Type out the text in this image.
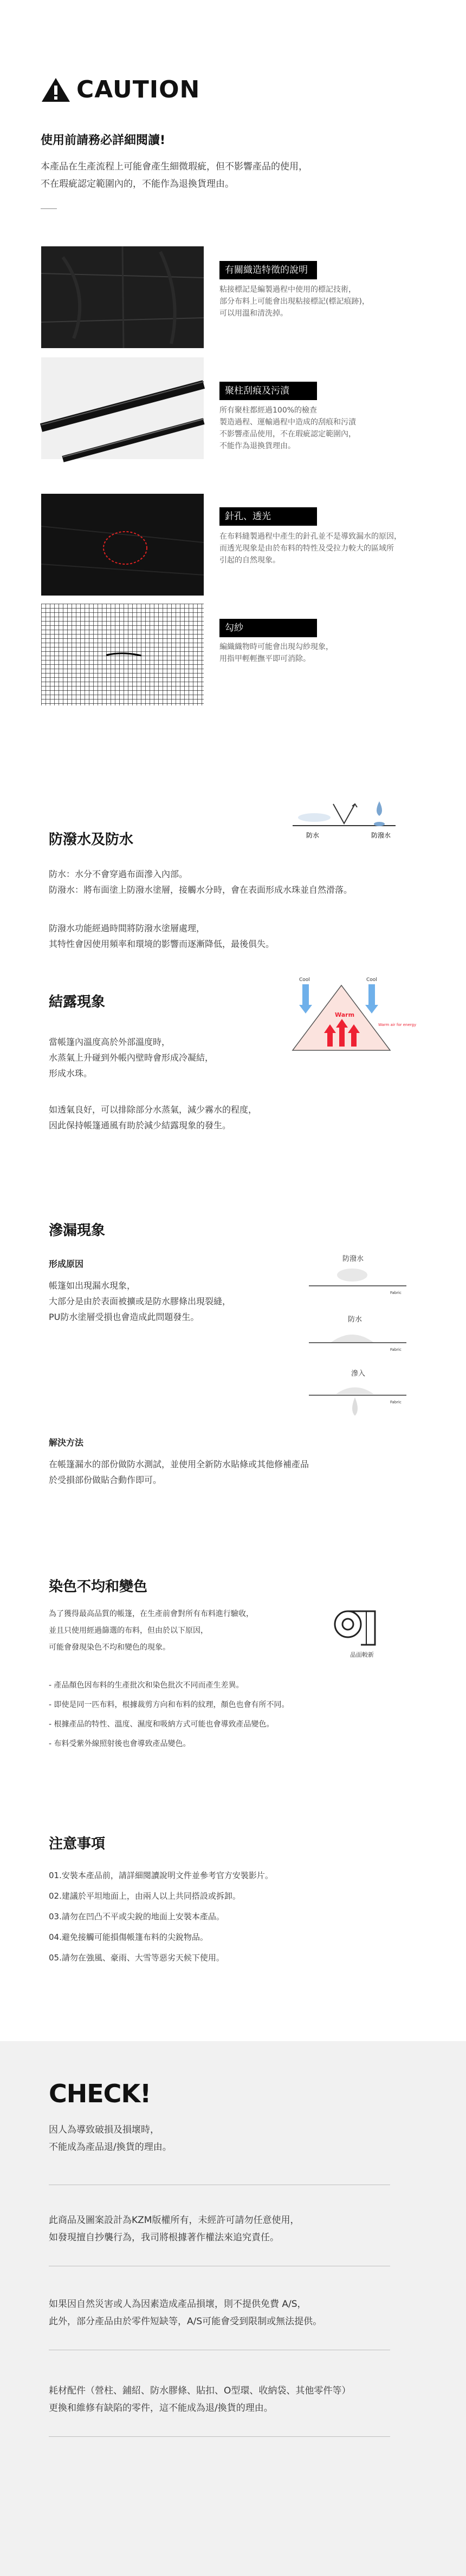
CAUTION
使用前請務必詳細閱讀!
本產品在生產流程上可能會產生細微瑕疵，但不影響產品的使用，
不在瑕疵認定範圍內的，不能作為退換貨理由。
有關織造特徵的說明
粘接標記是編製過程中使用的標記技術，
部分布料上可能會出現粘接標記(標記痕跡)，
可以用溫和清洗掉。
聚柱刮痕及污漬
所有聚柱都經過100%的檢查
製造過程、運輸過程中造成的刮痕和污漬
不影響產品使用，不在瑕疵認定範圍內，
不能作為退換貨理由。
針孔、透光
在布料縫製過程中產生的針孔並不是導致漏水的原因，
而透光現象是由於布料的特性及受拉力較大的區域所
引起的自然現象。
勾紗
編織織物時可能會出現勾紗現象，
用指甲輕輕撫平即可消除。
防潑水及防水	防水	防潑水
防水：水分不會穿過布面滲入內部。
防潑水：將布面塗上防潑水塗層，接觸水分時，會在表面形成水珠並自然滑落。
防潑水功能經過時間將防潑水塗層處理，
其特性會因使用頻率和環境的影響而逐漸降低，最後俱失。
結露現象
Cool	Cool
Warm
Warm air for energy
當帳篷內溫度高於外部溫度時，
水蒸氣上升碰到外帳內壁時會形成冷凝結，
形成水珠。
如透氣良好，可以排除部分水蒸氣，減少霧水的程度，
因此保持帳篷通風有助於減少結露現象的發生。
滲漏現象
形成原因
帳篷如出現漏水現象，
大部分是由於表面被擴或是防水膠條出現裂縫，
PU防水塗層受損也會造成此問題發生。
防潑水
Fabric
防水
Fabric
滲入
Fabric
解決方法
在帳篷漏水的部份做防水測試，並使用全新防水貼條或其他修補產品
於受損部份做貼合動作即可。
染色不均和變色
品面較新
為了獲得最高品質的帳篷，在生產前會對所有布料進行驗收，
並且只使用經過篩選的布料，但由於以下原因，
可能會發現染色不均和變色的現象。
- 產品顏色因布料的生產批次和染色批次不同而產生差異。
- 即使是同一匹布料，根據裁剪方向和布料的紋理，顏色也會有所不同。
- 根據產品的特性、溫度、濕度和吸納方式可能也會導致產品變色。
- 布料受紫外線照射後也會導致產品變色。
注意事項
01.安裝本產品前，請詳細閱讀說明文件並參考官方安裝影片。
02.建議於平坦地面上，由兩人以上共同搭設或拆卸。
03.請勿在凹凸不平或尖銳的地面上安裝本產品。
04.避免接觸可能損傷帳篷布料的尖銳物品。
05.請勿在強風、豪雨、大雪等惡劣天候下使用。
CHECK!
因人為導致破損及損壞時，
不能成為產品退/換貨的理由。
此商品及圖案設計為KZM版權所有，未經許可請勿任意使用，
如發現擅自抄襲行為，我司將根據著作權法來追究責任。
如果因自然災害或人為因素造成產品損壞，則不提供免費 A/S，
此外，部分產品由於零件短缺等，A/S可能會受到限制或無法提供。
耗材配件（營柱、鋪紹、防水膠條、貼扣、O型環、收納袋、其他零件等）
更換和維修有缺陷的零件，這不能成為退/換貨的理由。
